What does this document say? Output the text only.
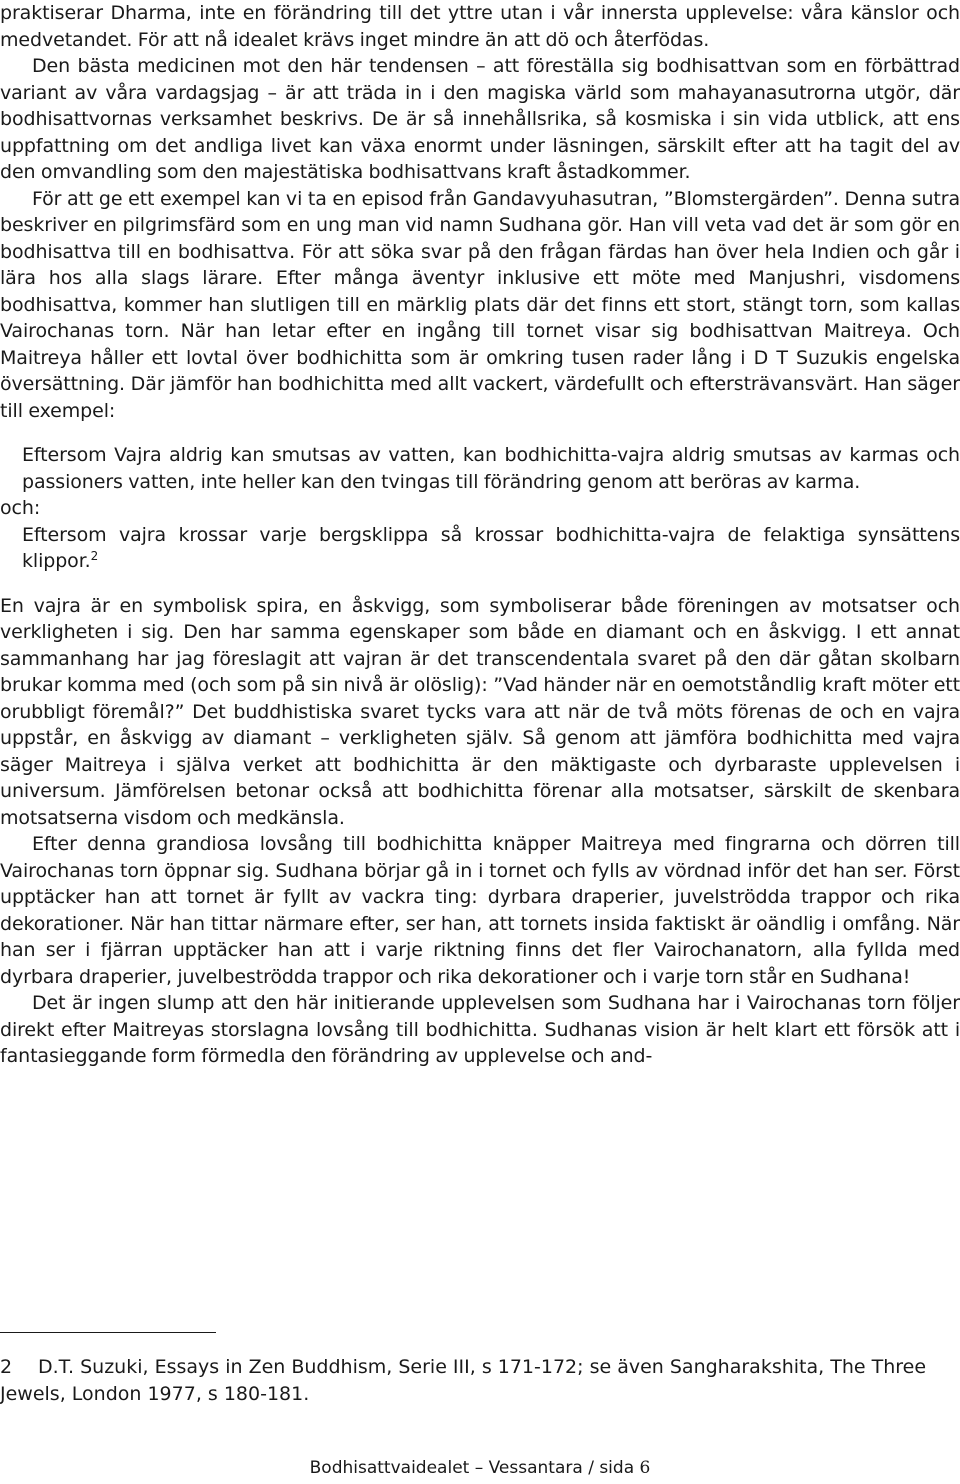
praktiserar Dharma, inte en förändring till det yttre utan i vår innersta upplevelse: våra känslor och medvetandet. För att nå idealet krävs inget mindre än att dö och återfödas.

Den bästa medicinen mot den här tendensen – att föreställa sig bodhisattvan som en förbättrad variant av våra vardagsjag – är att träda in i den magiska värld som mahayanasutrorna utgör, där bodhisattvornas verksamhet beskrivs. De är så innehållsrika, så kosmiska i sin vida utblick, att ens uppfattning om det andliga livet kan växa enormt under läsningen, särskilt efter att ha tagit del av den omvandling som den majestätiska bodhisattvans kraft åstadkommer.

För att ge ett exempel kan vi ta en episod från Gandavyuhasutran, ”Blomstergärden”. Denna sutra beskriver en pilgrimsfärd som en ung man vid namn Sudhana gör. Han vill veta vad det är som gör en bodhisattva till en bodhisattva. För att söka svar på den frågan färdas han över hela Indien och går i lära hos alla slags lärare. Efter många äventyr inklusive ett möte med Manjushri, visdomens bodhisattva, kommer han slutligen till en märklig plats där det finns ett stort, stängt torn, som kallas Vairochanas torn. När han letar efter en ingång till tornet visar sig bodhisattvan Maitreya. Och Maitreya håller ett lovtal över bodhichitta som är omkring tusen rader lång i D T Suzukis engelska översättning. Där jämför han bodhichitta med allt vackert, värdefullt och eftersträvansvärt. Han säger till exempel:

Eftersom Vajra aldrig kan smutsas av vatten, kan bodhichitta-vajra aldrig smutsas av karmas och passioners vatten, inte heller kan den tvingas till förändring genom att beröras av karma.

och:

Eftersom vajra krossar varje bergsklippa så krossar bodhichitta-vajra de felaktiga synsättens klippor.$^2$

En vajra är en symbolisk spira, en åskvigg, som symboliserar både föreningen av motsatser och verkligheten i sig. Den har samma egenskaper som både en diamant och en åskvigg. I ett annat sammanhang har jag föreslagit att vajran är det transcendentala svaret på den där gåtan skolbarn brukar komma med (och som på sin nivå är olöslig): ”Vad händer när en oemotståndlig kraft möter ett orubbligt föremål?” Det buddhistiska svaret tycks vara att när de två möts förenas de och en vajra uppstår, en åskvigg av diamant – verkligheten själv. Så genom att jämföra bodhichitta med vajra säger Maitreya i själva verket att bodhichitta är den mäktigaste och dyrbaraste upplevelsen i universum. Jämförelsen betonar också att bodhichitta förenar alla motsatser, särskilt de skenbara motsatserna visdom och medkänsla.

Efter denna grandiosa lovsång till bodhichitta knäpper Maitreya med fingrarna och dörren till Vairochanas torn öppnar sig. Sudhana börjar gå in i tornet och fylls av vördnad inför det han ser. Först upptäcker han att tornet är fyllt av vackra ting: dyrbara draperier, juvelströdda trappor och rika dekorationer. När han tittar närmare efter, ser han, att tornets insida faktiskt är oändlig i omfång. När han ser i fjärran upptäcker han att i varje riktning finns det fler Vairochanatorn, alla fyllda med dyrbara draperier, juvelbeströdda trappor och rika dekorationer och i varje torn står en Sudhana!

Det är ingen slump att den här initierande upplevelsen som Sudhana har i Vairochanas torn följer direkt efter Maitreyas storslagna lovsång till bodhichitta. Sudhanas vision är helt klart ett försök att i fantasieggande form förmedla den förändring av upplevelse och and-

2 D.T. Suzuki, Essays in Zen Buddhism, Serie III, s 171-172; se även Sangharakshita, The Three Jewels, London 1977, s 180-181.
Bodhisattvaidealet – Vessantara / sida 6
